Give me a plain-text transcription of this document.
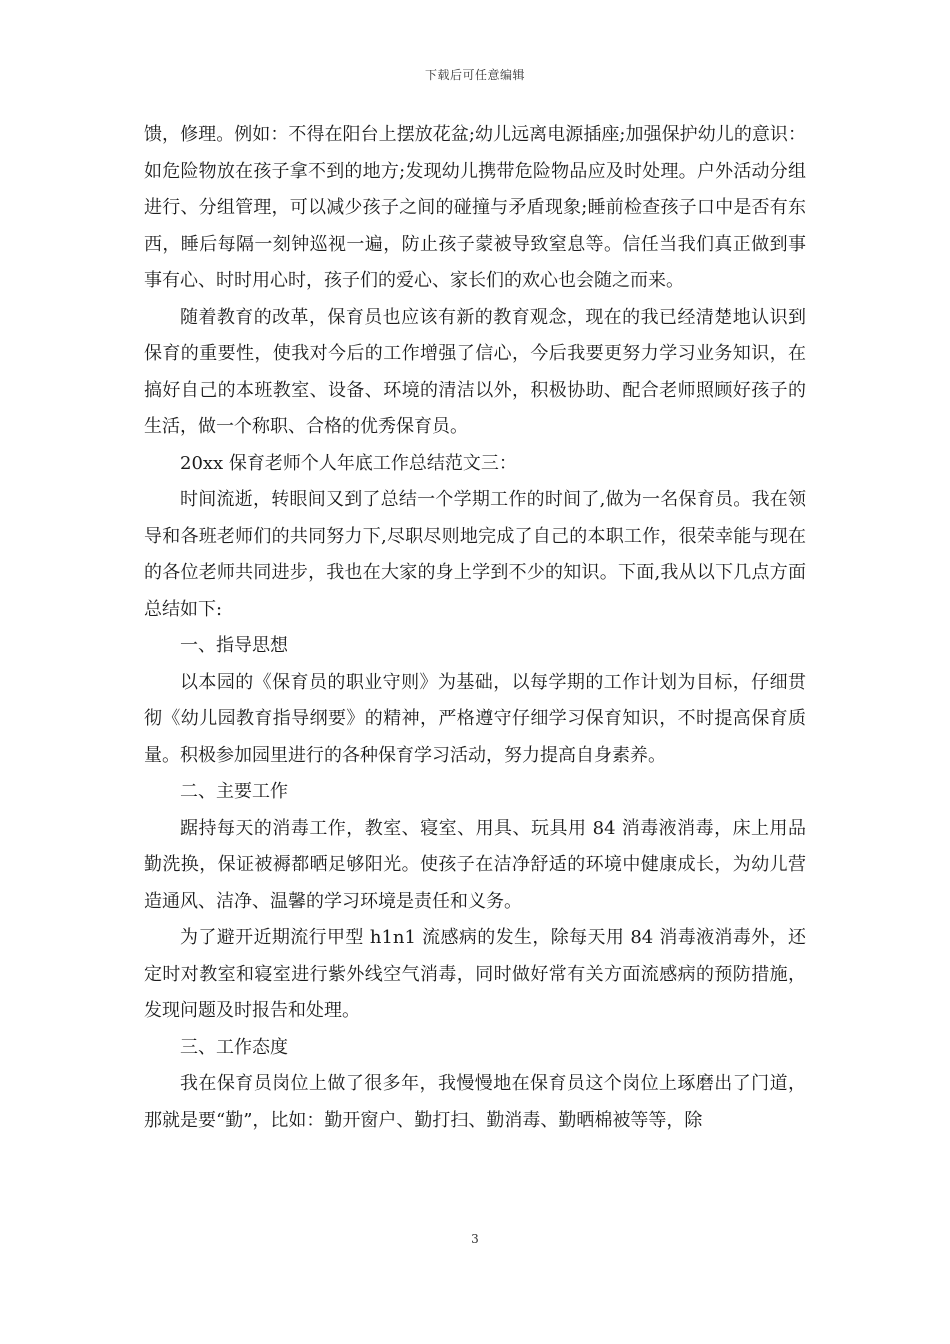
下载后可任意编辑

馈，修理。例如：不得在阳台上摆放花盆;幼儿远离电源插座;加强保护幼儿的意识：如危险物放在孩子拿不到的地方;发现幼儿携带危险物品应及时处理。户外活动分组进行、分组管理，可以减少孩子之间的碰撞与矛盾现象;睡前检查孩子口中是否有东西，睡后每隔一刻钟巡视一遍，防止孩子蒙被导致窒息等。信任当我们真正做到事事有心、时时用心时，孩子们的爱心、家长们的欢心也会随之而来。

随着教育的改革，保育员也应该有新的教育观念，现在的我已经清楚地认识到保育的重要性，使我对今后的工作增强了信心，今后我要更努力学习业务知识，在搞好自己的本班教室、设备、环境的清洁以外，积极协助、配合老师照顾好孩子的生活，做一个称职、合格的优秀保育员。

20xx 保育老师个人年底工作总结范文三：

时间流逝，转眼间又到了总结一个学期工作的时间了,做为一名保育员。我在领导和各班老师们的共同努力下,尽职尽则地完成了自己的本职工作，很荣幸能与现在的各位老师共同进步，我也在大家的身上学到不少的知识。下面,我从以下几点方面总结如下:

一、指导思想

以本园的《保育员的职业守则》为基础，以每学期的工作计划为目标，仔细贯彻《幼儿园教育指导纲要》的精神，严格遵守仔细学习保育知识，不时提高保育质量。积极参加园里进行的各种保育学习活动，努力提高自身素养。

二、主要工作

踞持每天的消毒工作，教室、寝室、用具、玩具用 84 消毒液消毒，床上用品勤洗换，保证被褥都晒足够阳光。使孩子在洁净舒适的环境中健康成长，为幼儿营造通风、洁净、温馨的学习环境是责任和义务。

为了避开近期流行甲型 h1n1 流感病的发生，除每天用 84 消毒液消毒外，还定时对教室和寝室进行紫外线空气消毒，同时做好常有关方面流感病的预防措施，发现问题及时报告和处理。

三、工作态度

我在保育员岗位上做了很多年，我慢慢地在保育员这个岗位上琢磨出了门道，那就是要“勤”，比如：勤开窗户、勤打扫、勤消毒、勤晒棉被等等，除

3
